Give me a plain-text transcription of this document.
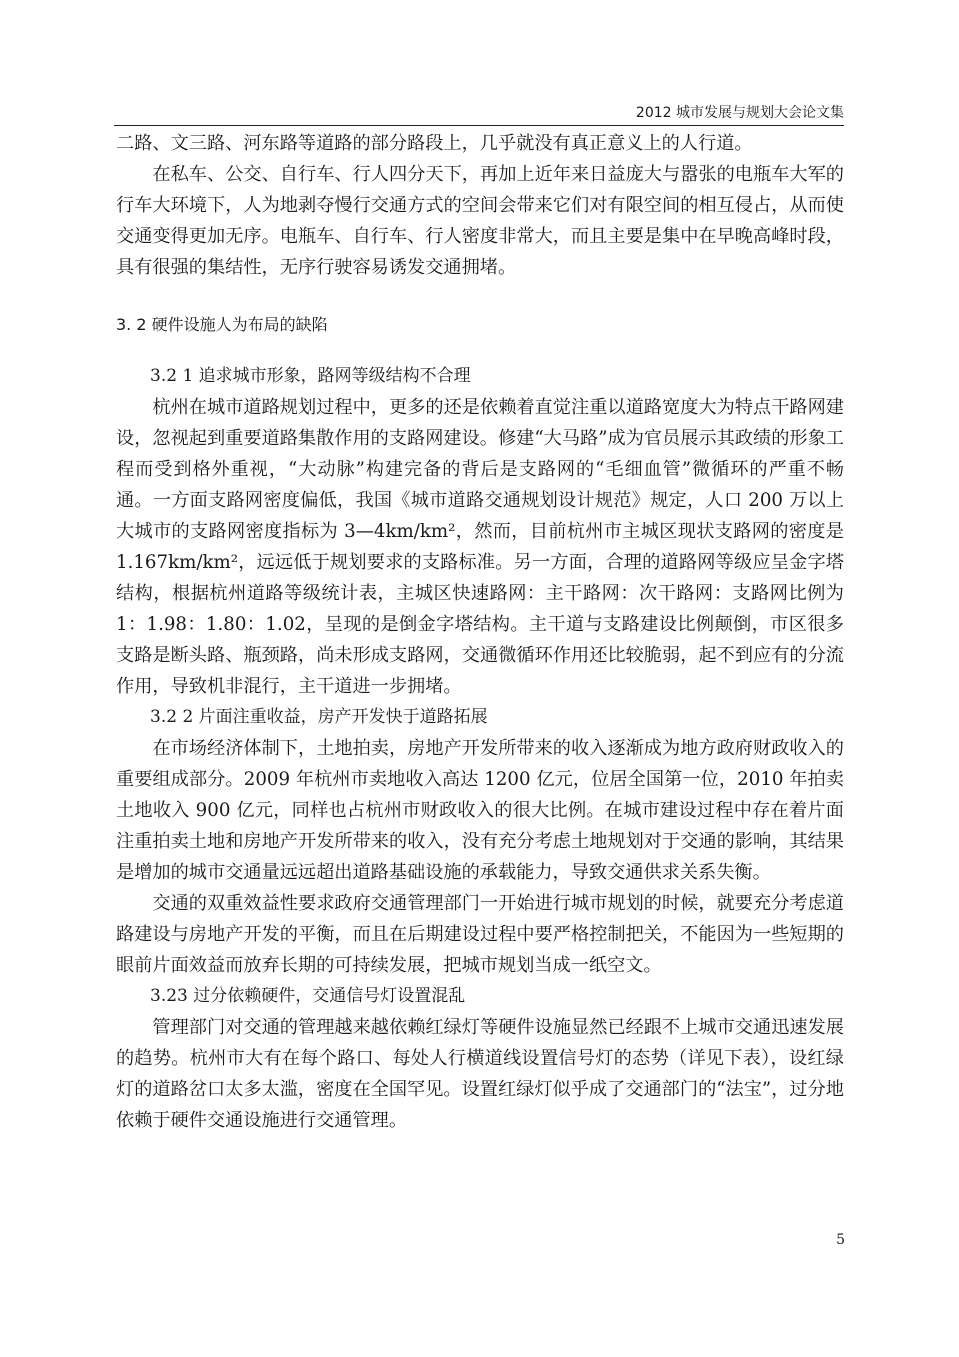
2012 城市发展与规划大会论文集

二路、文三路、河东路等道路的部分路段上，几乎就没有真正意义上的人行道。

在私车、公交、自行车、行人四分天下，再加上近年来日益庞大与嚣张的电瓶车大军的行车大环境下，人为地剥夺慢行交通方式的空间会带来它们对有限空间的相互侵占，从而使交通变得更加无序。电瓶车、自行车、行人密度非常大，而且主要是集中在早晚高峰时段，具有很强的集结性，无序行驶容易诱发交通拥堵。

3. 2 硬件设施人为布局的缺陷

3.2 1 追求城市形象，路网等级结构不合理

杭州在城市道路规划过程中，更多的还是依赖着直觉注重以道路宽度大为特点干路网建设，忽视起到重要道路集散作用的支路网建设。修建“大马路”成为官员展示其政绩的形象工程而受到格外重视，“大动脉”构建完备的背后是支路网的“毛细血管”微循环的严重不畅通。一方面支路网密度偏低，我国《城市道路交通规划设计规范》规定，人口 200 万以上大城市的支路网密度指标为 3—4km/km²，然而，目前杭州市主城区现状支路网的密度是 1.167km/km²，远远低于规划要求的支路标准。另一方面，合理的道路网等级应呈金字塔结构，根据杭州道路等级统计表，主城区快速路网：主干路网：次干路网：支路网比例为 1：1.98：1.80：1.02，呈现的是倒金字塔结构。主干道与支路建设比例颠倒，市区很多支路是断头路、瓶颈路，尚未形成支路网，交通微循环作用还比较脆弱，起不到应有的分流作用，导致机非混行，主干道进一步拥堵。

3.2 2 片面注重收益，房产开发快于道路拓展

在市场经济体制下，土地拍卖，房地产开发所带来的收入逐渐成为地方政府财政收入的重要组成部分。2009 年杭州市卖地收入高达 1200 亿元，位居全国第一位，2010 年拍卖土地收入 900 亿元，同样也占杭州市财政收入的很大比例。在城市建设过程中存在着片面注重拍卖土地和房地产开发所带来的收入，没有充分考虑土地规划对于交通的影响，其结果是增加的城市交通量远远超出道路基础设施的承载能力，导致交通供求关系失衡。

交通的双重效益性要求政府交通管理部门一开始进行城市规划的时候，就要充分考虑道路建设与房地产开发的平衡，而且在后期建设过程中要严格控制把关，不能因为一些短期的眼前片面效益而放弃长期的可持续发展，把城市规划当成一纸空文。

3.23 过分依赖硬件，交通信号灯设置混乱

管理部门对交通的管理越来越依赖红绿灯等硬件设施显然已经跟不上城市交通迅速发展的趋势。杭州市大有在每个路口、每处人行横道线设置信号灯的态势（详见下表），设红绿灯的道路岔口太多太滥，密度在全国罕见。设置红绿灯似乎成了交通部门的“法宝”，过分地依赖于硬件交通设施进行交通管理。

5
